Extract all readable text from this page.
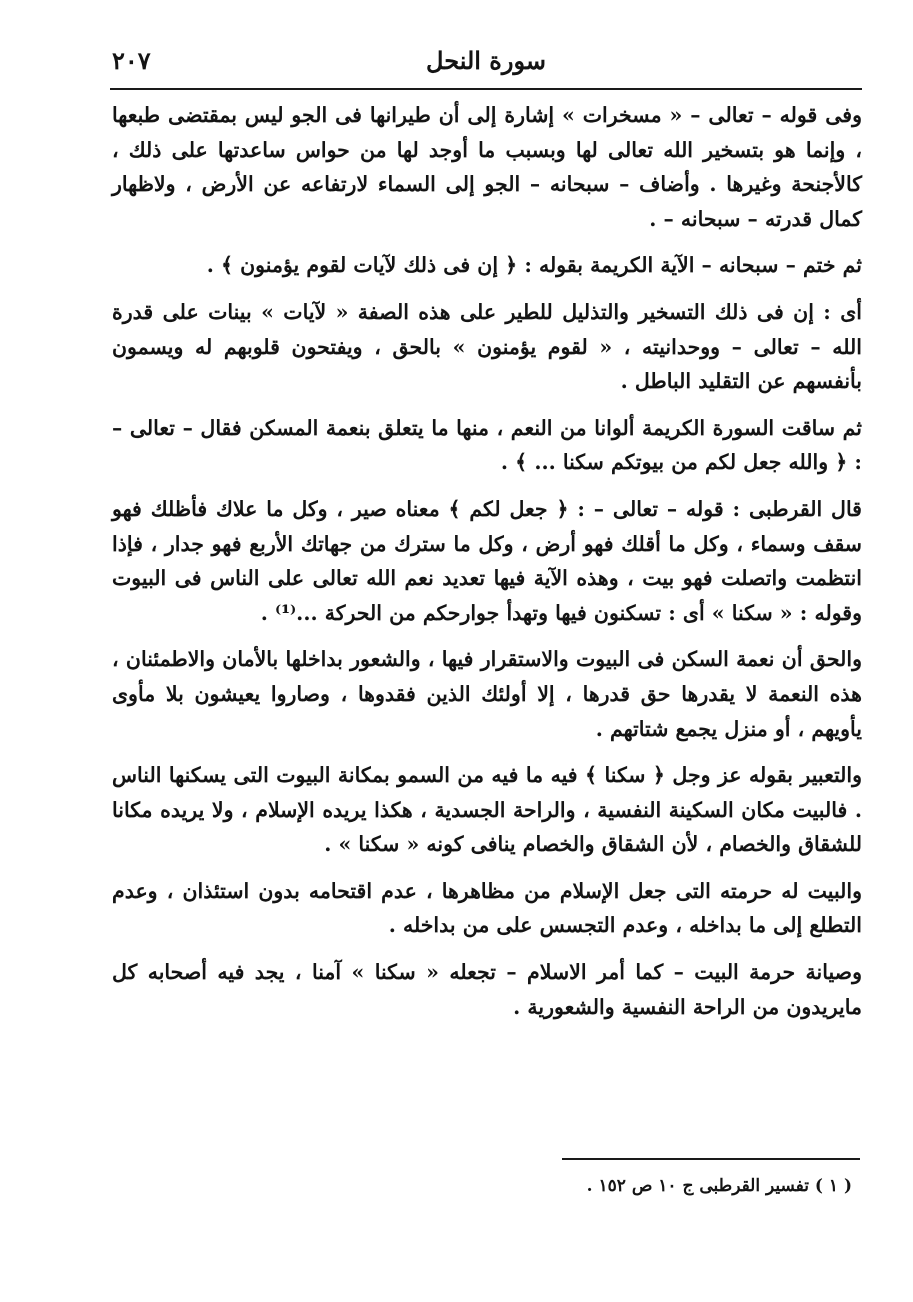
سورة النحل
٢٠٧

وفى قوله – تعالى – « مسخرات » إشارة إلى أن طيرانها فى الجو ليس بمقتضى طبعها ، وإنما هو بتسخير الله تعالى لها وبسبب ما أوجد لها من حواس ساعدتها على ذلك ، كالأجنحة وغيرها . وأضاف – سبحانه – الجو إلى السماء لارتفاعه عن الأرض ، ولاظهار كمال قدرته – سبحانه – .

ثم ختم – سبحانه – الآية الكريمة بقوله : ﴿ إن فى ذلك لآيات لقوم يؤمنون ﴾ .

أى : إن فى ذلك التسخير والتذليل للطير على هذه الصفة « لآيات » بينات على قدرة الله – تعالى – ووحدانيته ، « لقوم يؤمنون » بالحق ، ويفتحون قلوبهم له ويسمون بأنفسهم عن التقليد الباطل .

ثم ساقت السورة الكريمة ألوانا من النعم ، منها ما يتعلق بنعمة المسكن فقال – تعالى – : ﴿ والله جعل لكم من بيوتكم سكنا ... ﴾ .

قال القرطبى : قوله – تعالى – : ﴿ جعل لكم ﴾ معناه صير ، وكل ما علاك فأظلك فهو سقف وسماء ، وكل ما أقلك فهو أرض ، وكل ما سترك من جهاتك الأربع فهو جدار ، فإذا انتظمت واتصلت فهو بيت ، وهذه الآية فيها تعديد نعم الله تعالى على الناس فى البيوت وقوله : « سكنا » أى : تسكنون فيها وتهدأ جوارحكم من الحركة ...⁽¹⁾ .

والحق أن نعمة السكن فى البيوت والاستقرار فيها ، والشعور بداخلها بالأمان والاطمئنان ، هذه النعمة لا يقدرها حق قدرها ، إلا أولئك الذين فقدوها ، وصاروا يعيشون بلا مأوى يأويهم ، أو منزل يجمع شتاتهم .

والتعبير بقوله عز وجل ﴿ سكنا ﴾ فيه ما فيه من السمو بمكانة البيوت التى يسكنها الناس . فالبيت مكان السكينة النفسية ، والراحة الجسدية ، هكذا يريده الإسلام ، ولا يريده مكانا للشقاق والخصام ، لأن الشقاق والخصام ينافى كونه « سكنا » .

والبيت له حرمته التى جعل الإسلام من مظاهرها ، عدم اقتحامه بدون استئذان ، وعدم التطلع إلى ما بداخله ، وعدم التجسس على من بداخله .

وصيانة حرمة البيت – كما أمر الاسلام – تجعله « سكنا » آمنا ، يجد فيه أصحابه كل مايريدون من الراحة النفسية والشعورية .

( ١ ) تفسير القرطبى ج ١٠ ص ١٥٢ .
